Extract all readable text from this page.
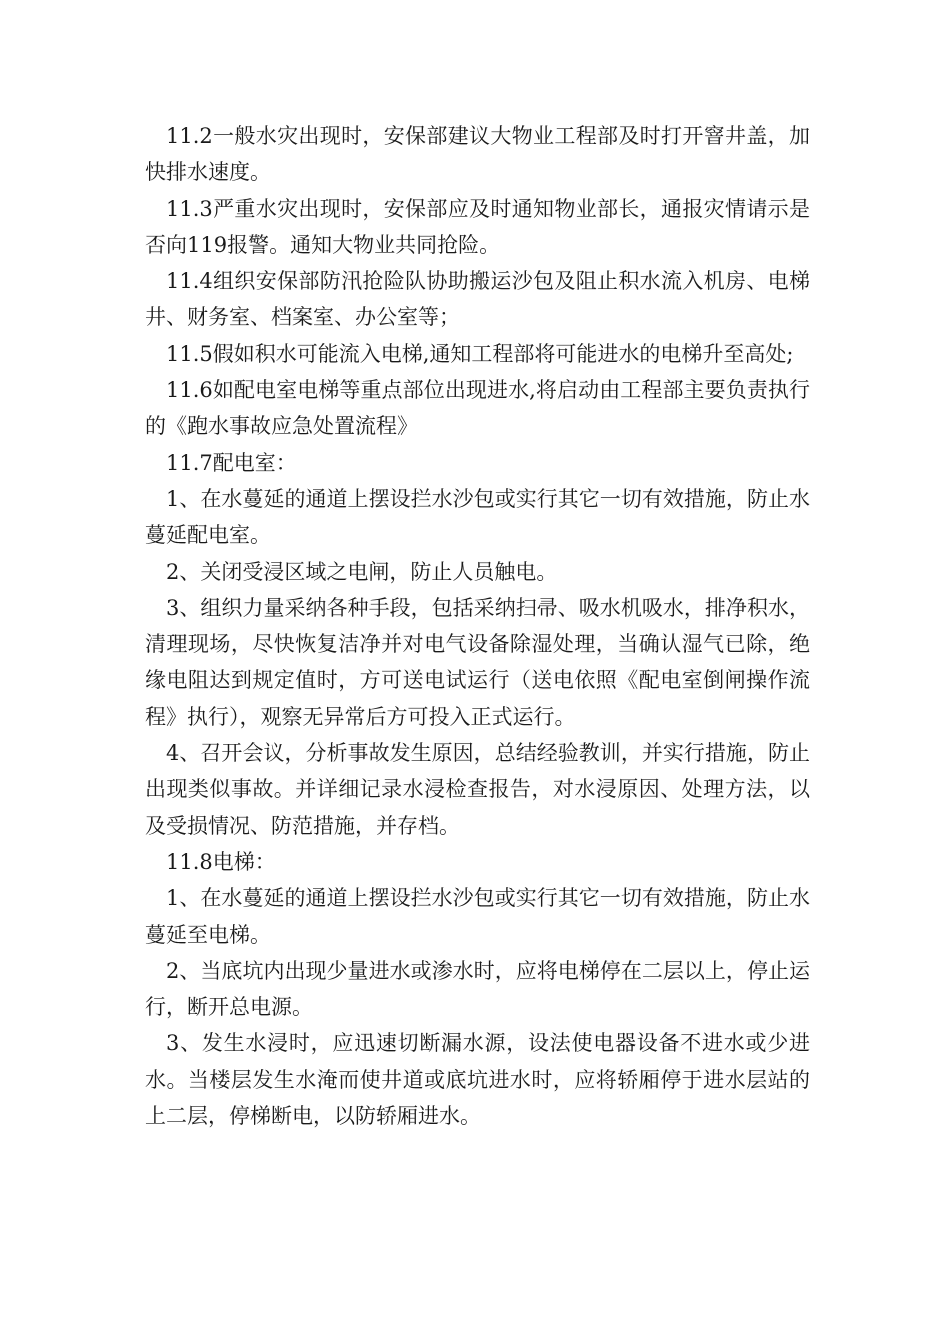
11.2一般水灾出现时，安保部建议大物业工程部及时打开窨井盖，加快排水速度。

11.3严重水灾出现时，安保部应及时通知物业部长，通报灾情请示是否向119报警。通知大物业共同抢险。

11.4组织安保部防汛抢险队协助搬运沙包及阻止积水流入机房、电梯井、财务室、档案室、办公室等；

11.5假如积水可能流入电梯,通知工程部将可能进水的电梯升至高处;

11.6如配电室电梯等重点部位出现进水,将启动由工程部主要负责执行的《跑水事故应急处置流程》

11.7配电室：

1、在水蔓延的通道上摆设拦水沙包或实行其它一切有效措施，防止水蔓延配电室。

2、关闭受浸区域之电闸，防止人员触电。

3、组织力量采纳各种手段，包括采纳扫帚、吸水机吸水，排净积水，清理现场，尽快恢复洁净并对电气设备除湿处理，当确认湿气已除，绝缘电阻达到规定值时，方可送电试运行（送电依照《配电室倒闸操作流程》执行），观察无异常后方可投入正式运行。

4、召开会议，分析事故发生原因，总结经验教训，并实行措施，防止出现类似事故。并详细记录水浸检查报告，对水浸原因、处理方法，以及受损情况、防范措施，并存档。

11.8电梯：

1、在水蔓延的通道上摆设拦水沙包或实行其它一切有效措施，防止水蔓延至电梯。

2、当底坑内出现少量进水或渗水时，应将电梯停在二层以上，停止运行，断开总电源。

3、发生水浸时，应迅速切断漏水源，设法使电器设备不进水或少进水。当楼层发生水淹而使井道或底坑进水时，应将轿厢停于进水层站的上二层，停梯断电，以防轿厢进水。
